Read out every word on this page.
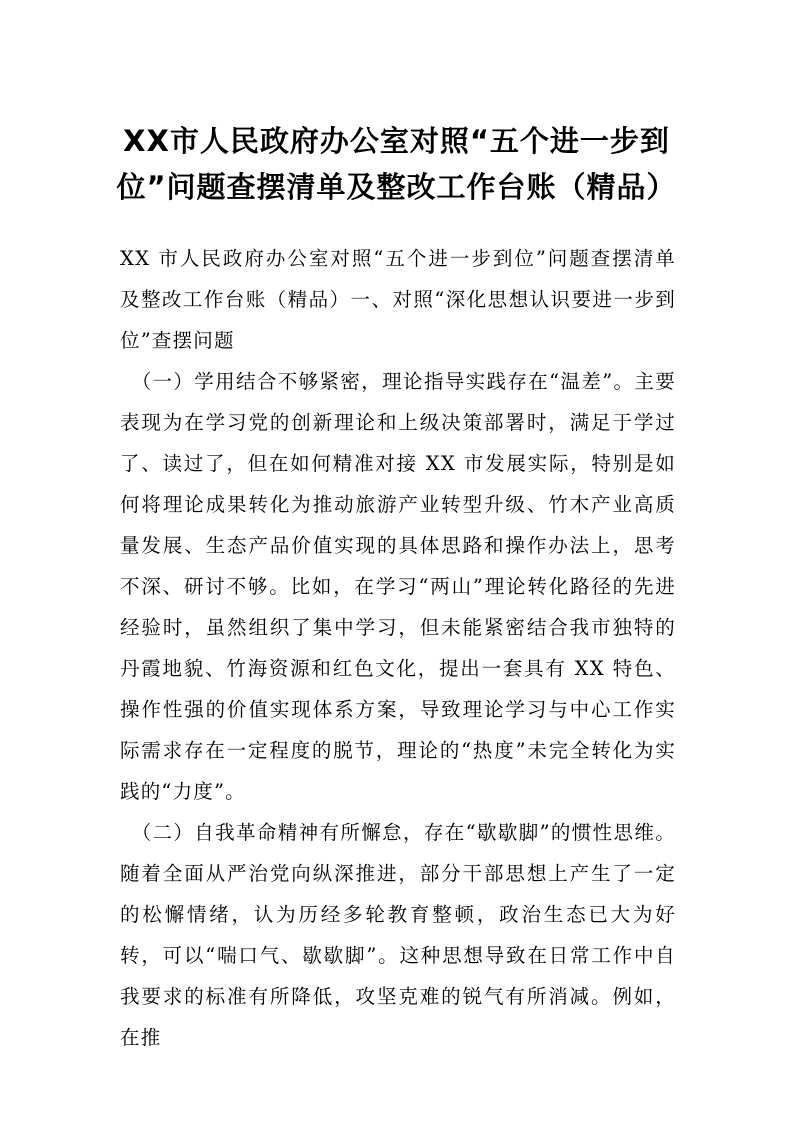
XX市人民政府办公室对照“五个进一步到位”问题查摆清单及整改工作台账（精品）

XX 市人民政府办公室对照“五个进一步到位”问题查摆清单及整改工作台账（精品）一、对照“深化思想认识要进一步到位”查摆问题

（一）学用结合不够紧密，理论指导实践存在“温差”。主要表现为在学习党的创新理论和上级决策部署时，满足于学过了、读过了，但在如何精准对接 XX 市发展实际，特别是如何将理论成果转化为推动旅游产业转型升级、竹木产业高质量发展、生态产品价值实现的具体思路和操作办法上，思考不深、研讨不够。比如，在学习“两山”理论转化路径的先进经验时，虽然组织了集中学习，但未能紧密结合我市独特的丹霞地貌、竹海资源和红色文化，提出一套具有 XX 特色、操作性强的价值实现体系方案，导致理论学习与中心工作实际需求存在一定程度的脱节，理论的“热度”未完全转化为实践的“力度”。

（二）自我革命精神有所懈怠，存在“歇歇脚”的惯性思维。随着全面从严治党向纵深推进，部分干部思想上产生了一定的松懈情绪，认为历经多轮教育整顿，政治生态已大为好转，可以“喘口气、歇歇脚”。这种思想导致在日常工作中自我要求的标准有所降低，攻坚克难的锐气有所消减。例如，在推
